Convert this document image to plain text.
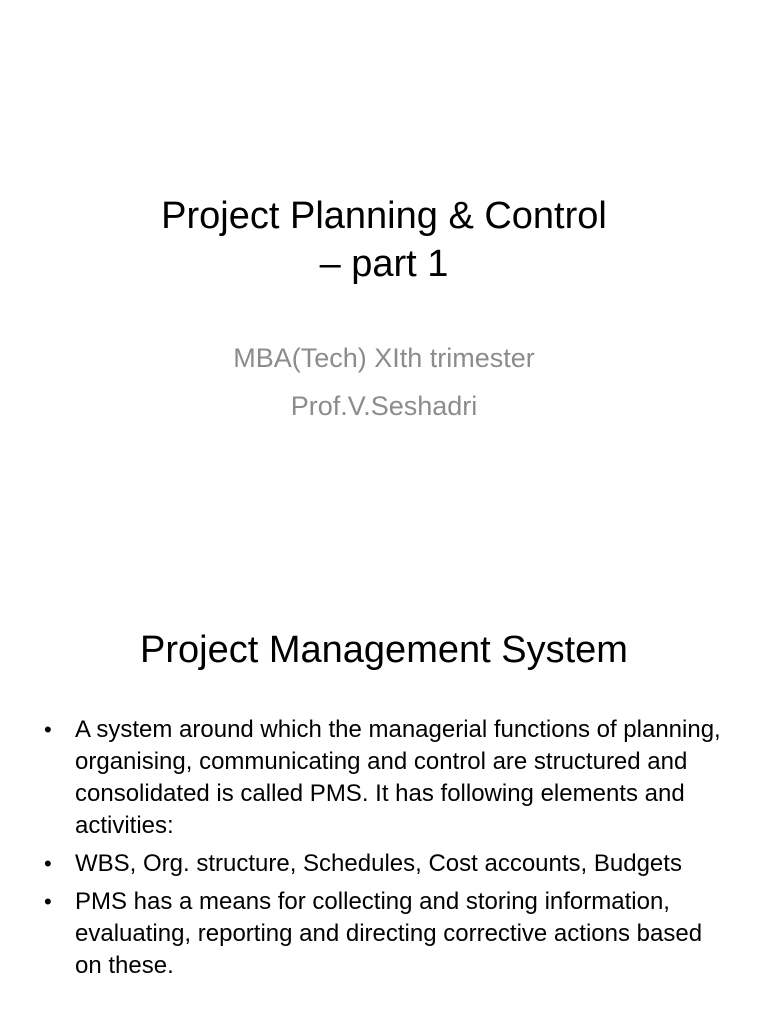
Project Planning & Control
– part 1
MBA(Tech) XIth trimester
Prof.V.Seshadri
Project Management System
• A system around which the managerial functions of planning, organising, communicating and control are structured and consolidated is called PMS. It has following elements and activities:
• WBS, Org. structure, Schedules, Cost accounts, Budgets
• PMS has a means for collecting and storing information, evaluating, reporting and directing corrective actions based on these.
